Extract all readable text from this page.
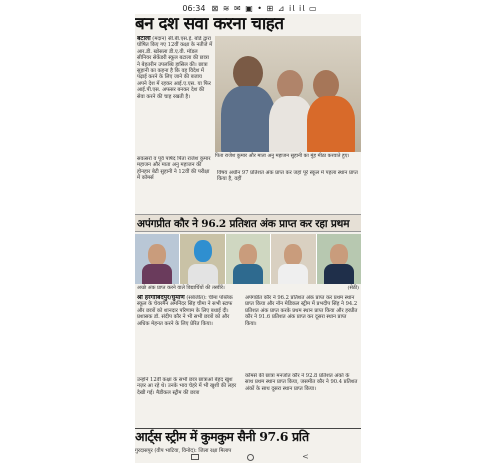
06:34 ⊠ ≋ ✉ ▣ • ⊞ ⊿ 𝗂𝗅 𝗂𝗅 ▭
बन दश सवा करना चाहत
बटाला (मदान) सी.बी.एस.ई. बोर्ड द्वारा घोषित किए गए 12वीं कक्षा के नतीजे में आर.डी. खोसला डी.ए.वी. मॉडल सीनियर सेकेंडरी स्कूल बटाला की छात्रा ने बेहतरीन उपलब्धि हासिल की। छात्रा सुहानी का कहना है कि वह विदेश में पढ़ाई करने के लिए जाने की बजाय अपने देश में रहकर आई.ए.एस. या फिर आई.पी.एस. अफसर बनकर देश की सेवा करने की चाह रखती है।
पिता राजेश कुमार और माता अनु महाजन सुहानी का मुंह मीठा करवाते हुए।
सवत्सरों व पूर्व पार्षद पिता राजेश कुमार महाजन और माता अनु महाजन की होनहार बेटी सुहानी ने 12वीं की परीक्षा में कॉमर्स
विषय अधीन 97 प्रतिशत अंक प्राप्त कर जहां पूरे स्कूल में पहला स्थान प्राप्त किया है, वहीं
अपंगप्रीत कौर ने 96.2 प्रतिशत अंक प्राप्त कर रहा प्रथम
अच्छे अंक प्राप्त करने वाले विद्यार्थियों की तस्वीरें।	(सेठी)
श्री हरगोबिंदपुर/घुमाण (सर्बजीत): चीमा पब्लिक स्कूल के चेयरमैन अमनिंदर सिंह चीमा ने सभी स्टाफ और छात्रों को शानदार परिणाम के लिए बधाई दी। प्रशासक डॉ. संदीप कौर ने भी सभी छात्रों को और अधिक मेहनत करने के लिए प्रेरित किया।
उन्होंने 12वीं कक्षा के सभी छात्र छात्राओं बेहद खुश नज़र आ रहे थे। उनके भाव चेहरे में भी खुशी की लहर देखी गई। मैडीकल स्ट्रीम की छात्रा
अपंगप्रीत कौर ने 96.2 प्रतिशत अंक प्राप्त कर प्रथम स्थान प्राप्त किया और नॉन मेडिकल स्ट्रीम में प्रभदीप सिंह ने 94.2 प्रतिशत अंक प्राप्त करके प्रथम स्थान प्राप्त किया और हरप्रीत कौर ने 91.6 प्रतिशत अंक प्राप्त कर दूसरा स्थान प्राप्त किया।
कॉमर्स की छात्रा मनजोत कौर ने 92.8 प्रतिशत अंकों के साथ प्रथम स्थान प्राप्त किया, जसमीत कौर ने 90.4 प्रतिशत अंकों के साथ दूसरा स्थान प्राप्त किया।
आर्ट्स स्ट्रीम में कुमकुम सैनी 97.6 प्रति
गुरदासपुर (वीप भाटिया, विनोद): जिला रक्षा मिलाप
<
